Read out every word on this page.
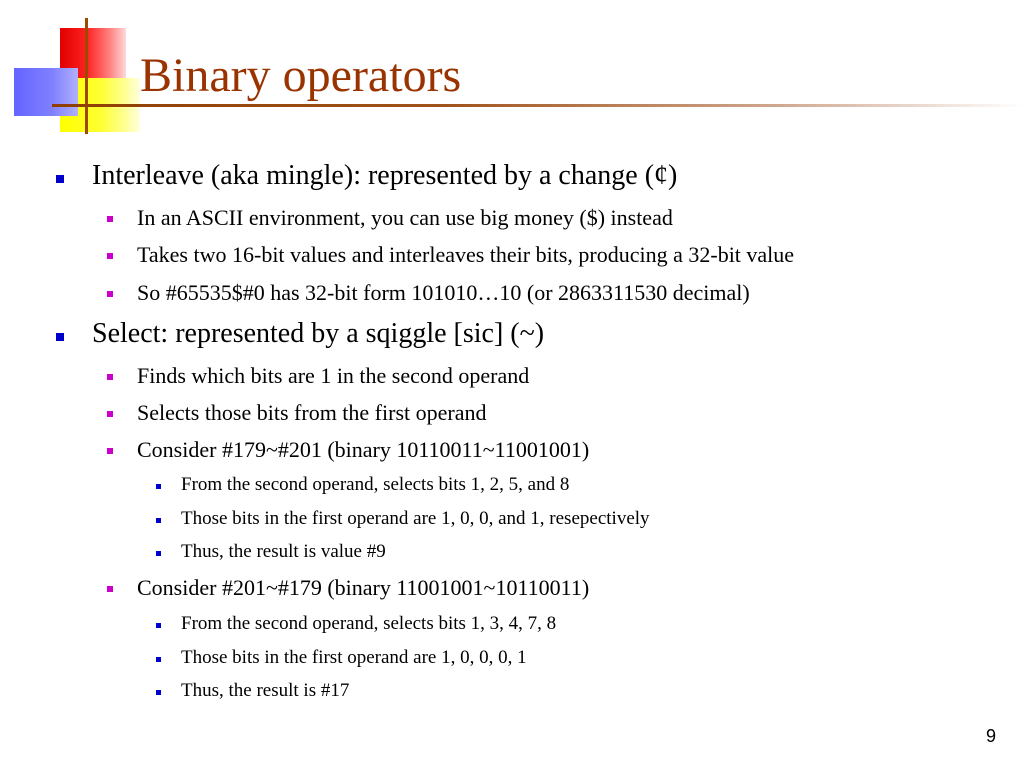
Binary operators
Interleave (aka mingle): represented by a change (¢)
In an ASCII environment, you can use big money ($) instead
Takes two 16-bit values and interleaves their bits, producing a 32-bit value
So #65535$#0 has 32-bit form 101010…10 (or 2863311530 decimal)
Select: represented by a sqiggle [sic] (~)
Finds which bits are 1 in the second operand
Selects those bits from the first operand
Consider #179~#201 (binary 10110011~11001001)
From the second operand, selects bits 1, 2, 5, and 8
Those bits in the first operand are 1, 0, 0, and 1, resepectively
Thus, the result is value #9
Consider #201~#179 (binary 11001001~10110011)
From the second operand, selects bits 1, 3, 4, 7, 8
Those bits in the first operand are 1, 0, 0, 0, 1
Thus, the result is #17
9
